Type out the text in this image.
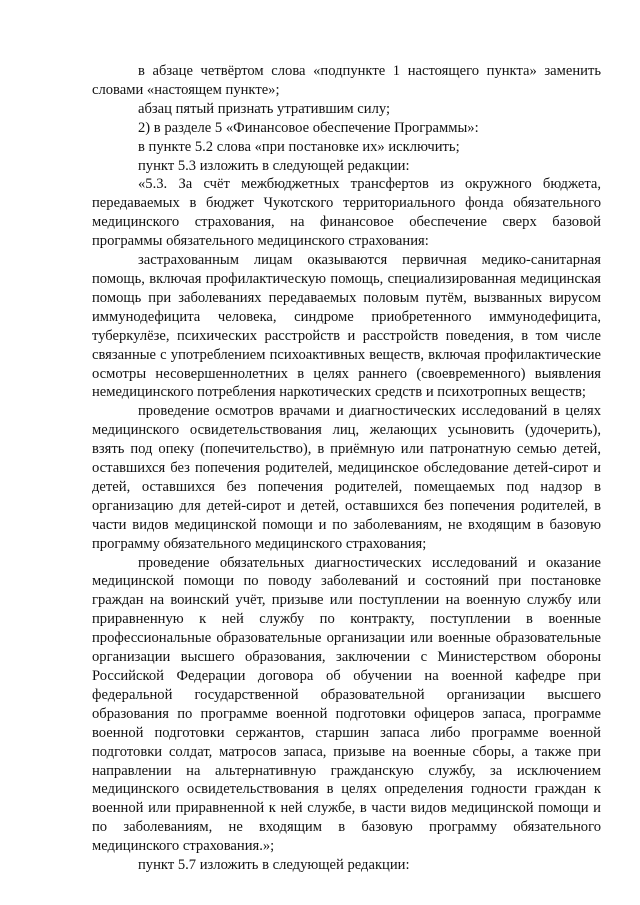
в абзаце четвёртом слова «подпункте 1 настоящего пункта» заменить словами «настоящем пункте»;

абзац пятый признать утратившим силу;

2) в разделе 5 «Финансовое обеспечение Программы»:

в пункте 5.2 слова «при постановке их» исключить;

пункт 5.3 изложить в следующей редакции:

«5.3. За счёт межбюджетных трансфертов из окружного бюджета, передаваемых в бюджет Чукотского территориального фонда обязательного медицинского страхования, на финансовое обеспечение сверх базовой программы обязательного медицинского страхования:

застрахованным лицам оказываются первичная медико-санитарная помощь, включая профилактическую помощь, специализированная медицинская помощь при заболеваниях передаваемых половым путём, вызванных вирусом иммунодефицита человека, синдроме приобретенного иммунодефицита, туберкулёзе, психических расстройств и расстройств поведения, в том числе связанные с употреблением психоактивных веществ, включая профилактические осмотры несовершеннолетних в целях раннего (своевременного) выявления немедицинского потребления наркотических средств и психотропных веществ;

проведение осмотров врачами и диагностических исследований в целях медицинского освидетельствования лиц, желающих усыновить (удочерить), взять под опеку (попечительство), в приёмную или патронатную семью детей, оставшихся без попечения родителей, медицинское обследование детей-сирот и детей, оставшихся без попечения родителей, помещаемых под надзор в организацию для детей-сирот и детей, оставшихся без попечения родителей, в части видов медицинской помощи и по заболеваниям, не входящим в базовую программу обязательного медицинского страхования;

проведение обязательных диагностических исследований и оказание медицинской помощи по поводу заболеваний и состояний при постановке граждан на воинский учёт, призыве или поступлении на военную службу или приравненную к ней службу по контракту, поступлении в военные профессиональные образовательные организации или военные образовательные организации высшего образования, заключении с Министерством обороны Российской Федерации договора об обучении на военной кафедре при федеральной государственной образовательной организации высшего образования по программе военной подготовки офицеров запаса, программе военной подготовки сержантов, старшин запаса либо программе военной подготовки солдат, матросов запаса, призыве на военные сборы, а также при направлении на альтернативную гражданскую службу, за исключением медицинского освидетельствования в целях определения годности граждан к военной или приравненной к ней службе, в части видов медицинской помощи и по заболеваниям, не входящим в базовую программу обязательного медицинского страхования.»;

пункт 5.7 изложить в следующей редакции:
